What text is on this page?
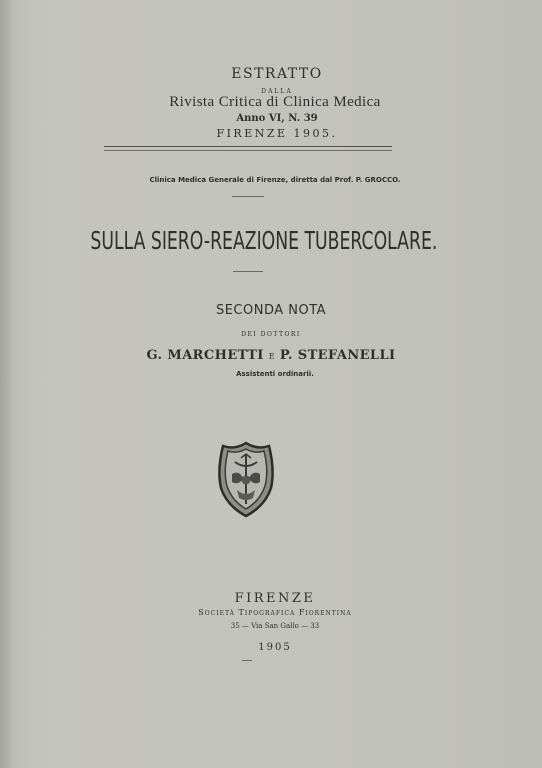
ESTRATTO
DALLA
Rivista Critica di Clinica Medica
Anno VI, N. 39
FIRENZE 1905.
Clinica Medica Generale di Firenze, diretta dal Prof. P. GROCCO.
SULLA SIERO-REAZIONE TUBERCOLARE.
SECONDA NOTA
DEI DOTTORI
G. MARCHETTI E P. STEFANELLI
Assistenti ordinarii.
FIRENZE
Società Tipografica Fiorentina
35 — Via San Gallo — 33
1905
